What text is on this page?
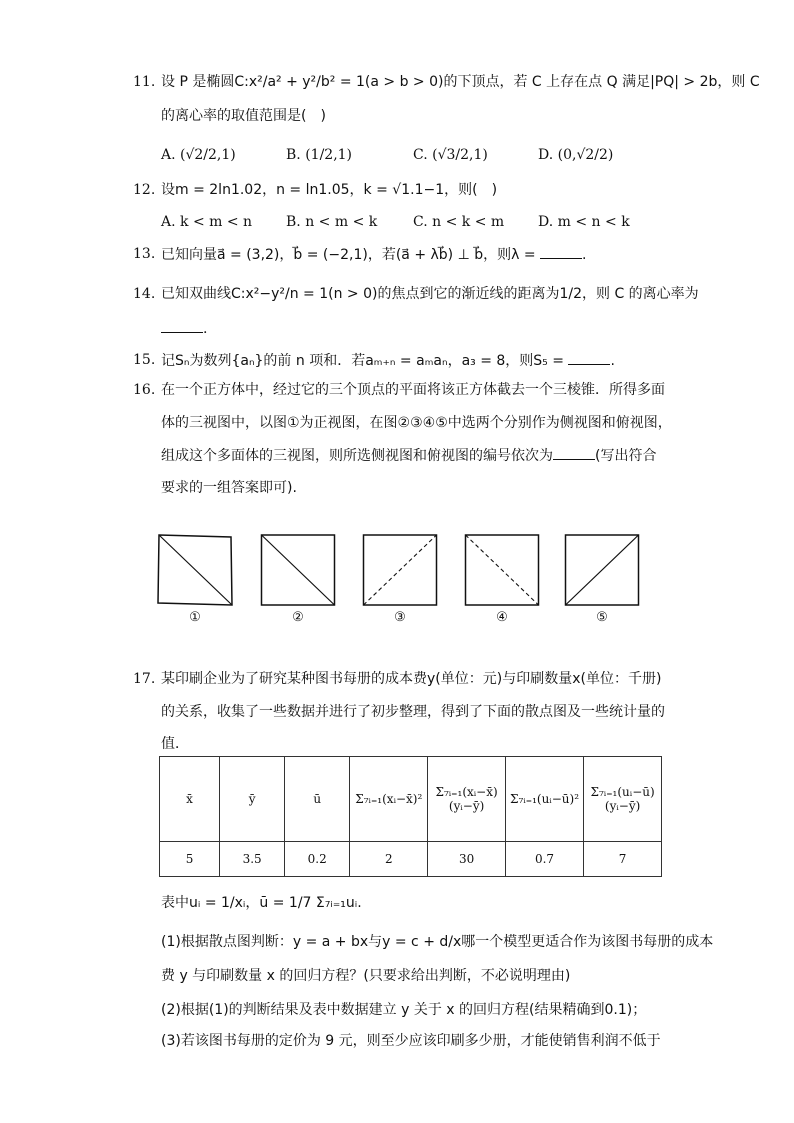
11. 设 P 是椭圆C:x²/a² + y²/b² = 1(a > b > 0)的下顶点，若 C 上存在点 Q 满足|PQ| > 2b，则 C
的离心率的取值范围是(　)
A. (√2/2,1)	B. (1/2,1)	C. (√3/2,1)	D. (0,√2/2)
12. 设m = 2ln1.02，n = ln1.05，k = √1.1−1，则(　)
A. k < m < n B. n < m < k	C. n < k < m D. m < n < k
13. 已知向量a⃗ = (3,2)，b⃗ = (−2,1)，若(a⃗ + λb⃗) ⊥ b⃗，则λ =	.
14. 已知双曲线C:x²−y²/n = 1(n > 0)的焦点到它的渐近线的距离为1/2，则 C 的离心率为
.
15. 记Sₙ为数列{aₙ}的前 n 项和．若aₘ₊ₙ = aₘaₙ，a₃ = 8，则S₅ =	.
16. 在一个正方体中，经过它的三个顶点的平面将该正方体截去一个三棱锥．所得多面
体的三视图中，以图①为正视图，在图②③④⑤中选两个分别作为侧视图和俯视图，
组成这个多面体的三视图，则所选侧视图和俯视图的编号依次为	(写出符合
要求的一组答案即可).
①	②	③	④	⑤
17. 某印刷企业为了研究某种图书每册的成本费y(单位：元)与印刷数量x(单位：千册)
的关系，收集了一些数据并进行了初步整理，得到了下面的散点图及一些统计量的
值．
x̄	ȳ	ū	Σ₇ᵢ₌₁(xᵢ−x̄)²	Σ₇ᵢ₌₁(xᵢ−x̄)(yᵢ−ȳ)	Σ₇ᵢ₌₁(uᵢ−ū)²	Σ₇ᵢ₌₁(uᵢ−ū)(yᵢ−ȳ)
5	3.5	0.2	2	30	0.7	7
表中uᵢ = 1/xᵢ，ū = 1/7 Σ₇ᵢ₌₁uᵢ.
(1)根据散点图判断：y = a + bx与y = c + d/x哪一个模型更适合作为该图书每册的成本
费 y 与印刷数量 x 的回归方程？(只要求给出判断，不必说明理由)
(2)根据(1)的判断结果及表中数据建立 y 关于 x 的回归方程(结果精确到0.1)；
(3)若该图书每册的定价为 9 元，则至少应该印刷多少册，才能使销售利润不低于
